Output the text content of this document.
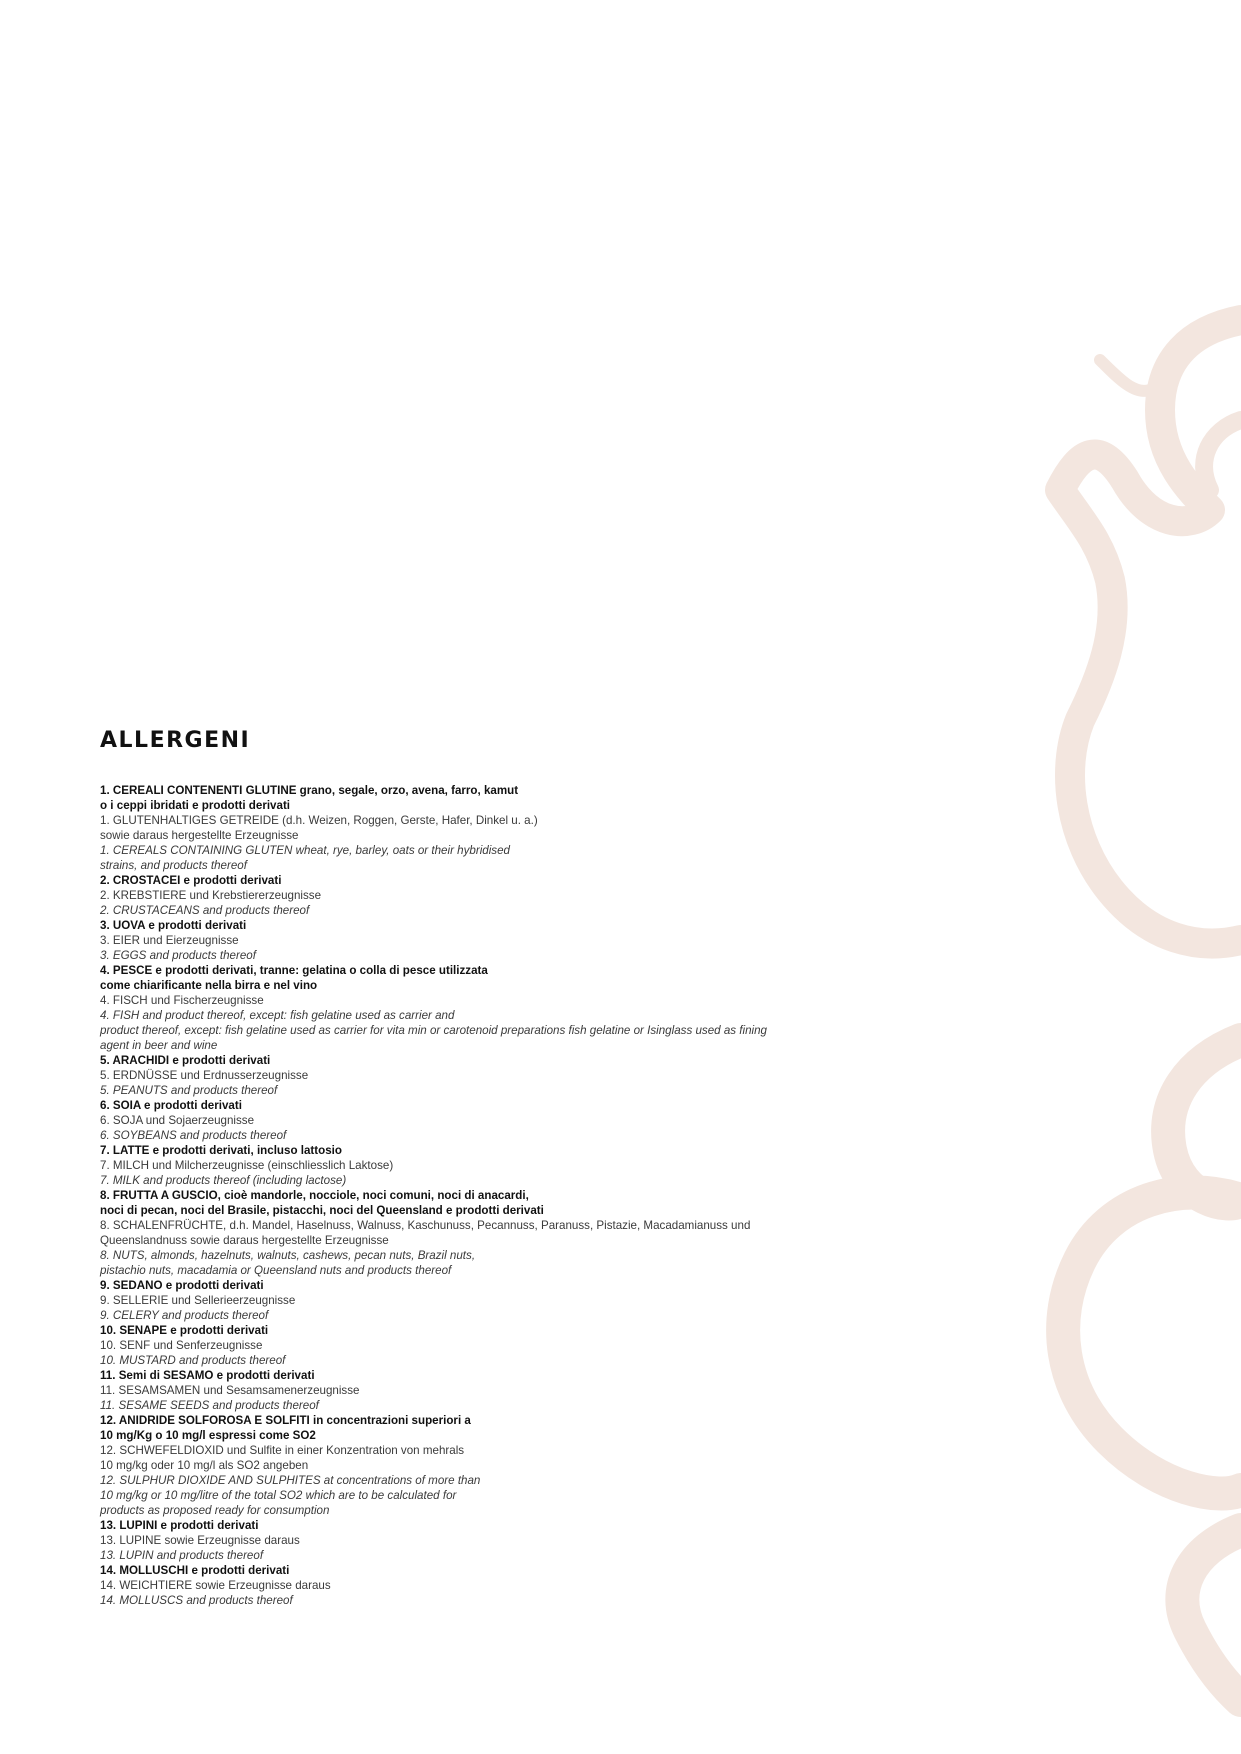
ALLERGENI
1. CEREALI CONTENENTI GLUTINE grano, segale, orzo, avena, farro, kamut
o i ceppi ibridati e prodotti derivati
1. GLUTENHALTIGES GETREIDE (d.h. Weizen, Roggen, Gerste, Hafer, Dinkel u. a.)
sowie daraus hergestellte Erzeugnisse
1. CEREALS CONTAINING GLUTEN wheat, rye, barley, oats or their hybridised
strains, and products thereof
2. CROSTACEI e prodotti derivati
2. KREBSTIERE und Krebstiererzeugnisse
2. CRUSTACEANS and products thereof
3. UOVA e prodotti derivati
3. EIER und Eierzeugnisse
3. EGGS and products thereof
4. PESCE e prodotti derivati, tranne: gelatina o colla di pesce utilizzata
come chiarificante nella birra e nel vino
4. FISCH und Fischerzeugnisse
4. FISH and product thereof, except: fish gelatine used as carrier and
product thereof, except: fish gelatine used as carrier for vita min or carotenoid preparations fish gelatine or Isinglass used as fining
agent in beer and wine
5. ARACHIDI e prodotti derivati
5. ERDNÜSSE und Erdnusserzeugnisse
5. PEANUTS and products thereof
6. SOIA e prodotti derivati
6. SOJA und Sojaerzeugnisse
6. SOYBEANS and products thereof
7. LATTE e prodotti derivati, incluso lattosio
7. MILCH und Milcherzeugnisse (einschliesslich Laktose)
7. MILK and products thereof (including lactose)
8. FRUTTA A GUSCIO, cioè mandorle, nocciole, noci comuni, noci di anacardi,
noci di pecan, noci del Brasile, pistacchi, noci del Queensland e prodotti derivati
8. SCHALENFRÜCHTE, d.h. Mandel, Haselnuss, Walnuss, Kaschunuss, Pecannuss, Paranuss, Pistazie, Macadamianuss und
Queenslandnuss sowie daraus hergestellte Erzeugnisse
8. NUTS, almonds, hazelnuts, walnuts, cashews, pecan nuts, Brazil nuts,
pistachio nuts, macadamia or Queensland nuts and products thereof
9. SEDANO e prodotti derivati
9. SELLERIE und Sellerieerzeugnisse
9. CELERY and products thereof
10. SENAPE e prodotti derivati
10. SENF und Senferzeugnisse
10. MUSTARD and products thereof
11. Semi di SESAMO e prodotti derivati
11. SESAMSAMEN und Sesamsamenerzeugnisse
11. SESAME SEEDS and products thereof
12. ANIDRIDE SOLFOROSA E SOLFITI in concentrazioni superiori a
10 mg/Kg o 10 mg/l espressi come SO2
12. SCHWEFELDIOXID und Sulfite in einer Konzentration von mehrals
10 mg/kg oder 10 mg/l als SO2 angeben
12. SULPHUR DIOXIDE AND SULPHITES at concentrations of more than
10 mg/kg or 10 mg/litre of the total SO2 which are to be calculated for
products as proposed ready for consumption
13. LUPINI e prodotti derivati
13. LUPINE sowie Erzeugnisse daraus
13. LUPIN and products thereof
14. MOLLUSCHI e prodotti derivati
14. WEICHTIERE sowie Erzeugnisse daraus
14. MOLLUSCS and products thereof
